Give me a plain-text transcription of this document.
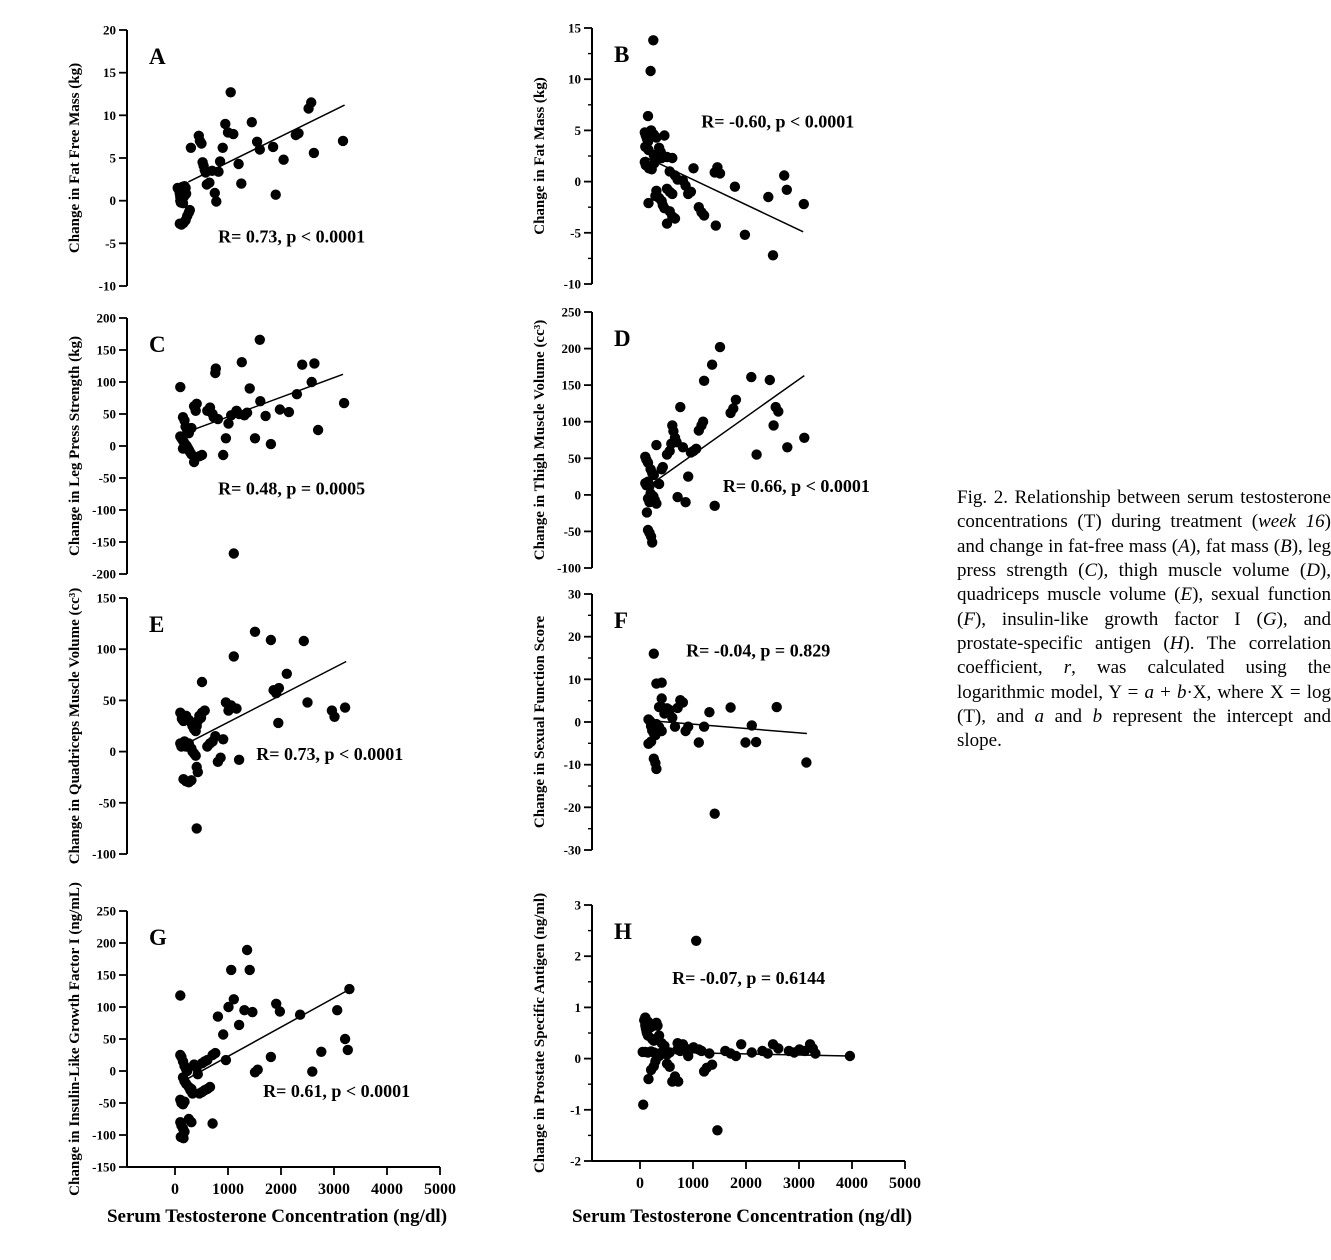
-10
-5
0
5
10
15
20
Change in Fat Free Mass (kg)
A
R= 0.73, p < 0.0001
-10
-5
0
5
10
15
Change in Fat Mass (kg)
B
R= -0.60, p < 0.0001
-200
-150
-100
-50
0
50
100
150
200
Change in Leg Press Strength (kg)	C
R= 0.48, p = 0.0005
-100
-50
0
50
100
150
200
250
Change in Thigh Muscle Volume (cc³)	D
R= 0.66, p < 0.0001
-100
-50
0
50
100
150
Change in Quadriceps Muscle Volume (cc³)	E
R= 0.73, p < 0.0001
-30
-20
-10
0
10
20
30
Change in Sexual Function Score	F
R= -0.04, p = 0.829
-150
-100
-50
0
50
100
150
200
250
Change in Insulin-Like Growth Factor I (ng/mL)	G
R= 0.61, p < 0.0001
0 1000 2000 3000 4000 5000
-2
-1
0
1
2
3
Change in Prostate Specific Antigen (ng/ml)	H
R= -0.07, p = 0.6144
0 1000 2000 3000 4000 5000
Serum Testosterone Concentration (ng/dl)	Serum Testosterone Concentration (ng/dl)
Fig. 2. Relationship between serum testosterone concentrations (T) during treatment (week 16) and change in fat-free mass (A), fat mass (B), leg press strength (C), thigh muscle volume (D), quadriceps muscle volume (E), sexual function (F), insulin-like growth factor I (G), and prostate-specific antigen (H). The correlation coefficient, r, was calculated using the logarithmic model, Y = a + b·X, where X = log (T), and a and b represent the intercept and slope.
